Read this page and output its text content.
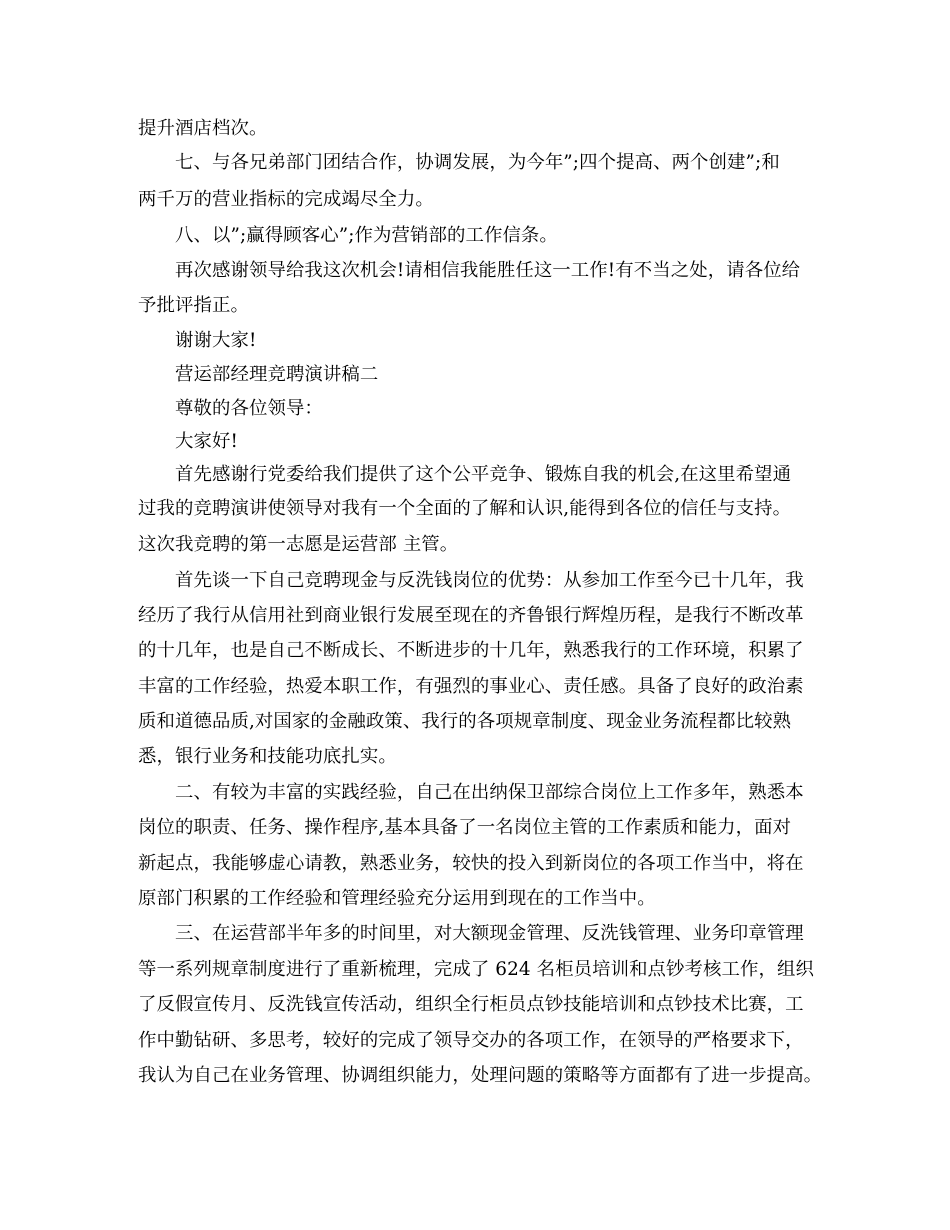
提升酒店档次。
七、与各兄弟部门团结合作，协调发展，为今年”;四个提高、两个创建”;和
两千万的营业指标的完成竭尽全力。
八、以”;赢得顾客心”;作为营销部的工作信条。
再次感谢领导给我这次机会!请相信我能胜任这一工作!有不当之处，请各位给
予批评指正。
谢谢大家!
营运部经理竞聘演讲稿二
尊敬的各位领导：
大家好!
首先感谢行党委给我们提供了这个公平竞争、锻炼自我的机会,在这里希望通
过我的竞聘演讲使领导对我有一个全面的了解和认识,能得到各位的信任与支持。
这次我竞聘的第一志愿是运营部 主管。
首先谈一下自己竞聘现金与反洗钱岗位的优势：从参加工作至今已十几年，我
经历了我行从信用社到商业银行发展至现在的齐鲁银行辉煌历程，是我行不断改革
的十几年，也是自己不断成长、不断进步的十几年，熟悉我行的工作环境，积累了
丰富的工作经验，热爱本职工作，有强烈的事业心、责任感。具备了良好的政治素
质和道德品质,对国家的金融政策、我行的各项规章制度、现金业务流程都比较熟
悉，银行业务和技能功底扎实。
二、有较为丰富的实践经验，自己在出纳保卫部综合岗位上工作多年，熟悉本
岗位的职责、任务、操作程序,基本具备了一名岗位主管的工作素质和能力，面对
新起点，我能够虚心请教，熟悉业务，较快的投入到新岗位的各项工作当中，将在
原部门积累的工作经验和管理经验充分运用到现在的工作当中。
三、在运营部半年多的时间里，对大额现金管理、反洗钱管理、业务印章管理
等一系列规章制度进行了重新梳理，完成了 624 名柜员培训和点钞考核工作，组织
了反假宣传月、反洗钱宣传活动，组织全行柜员点钞技能培训和点钞技术比赛，工
作中勤钻研、多思考，较好的完成了领导交办的各项工作，在领导的严格要求下，
我认为自己在业务管理、协调组织能力，处理问题的策略等方面都有了进一步提高。
